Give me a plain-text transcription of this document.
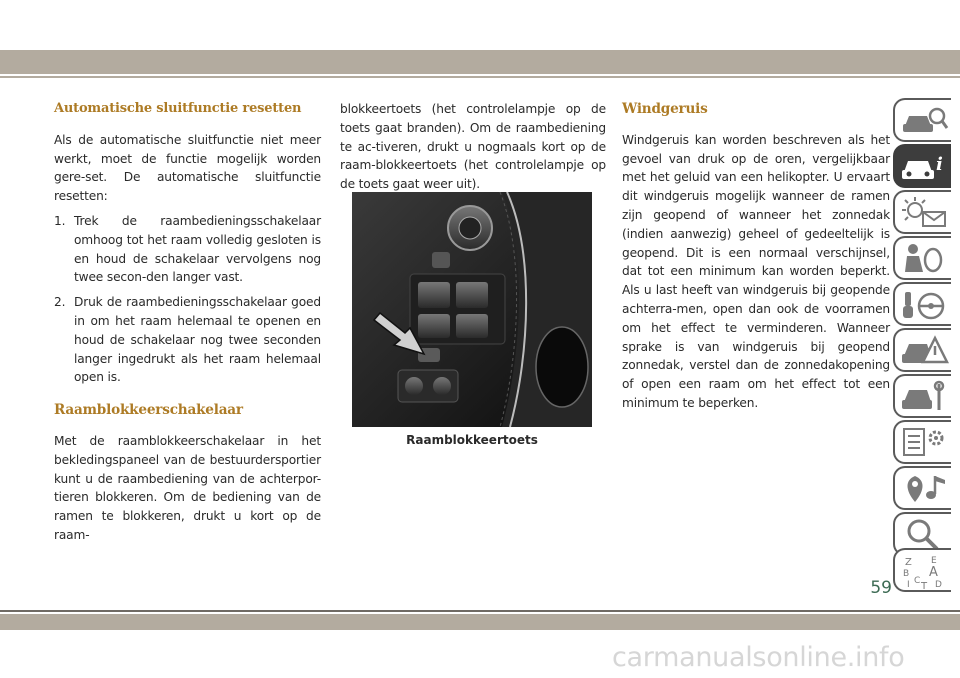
Automatische sluitfunctie resetten

Als de automatische sluitfunctie niet meer werkt, moet de functie mogelijk worden gere-set. De automatische sluitfunctie resetten:

1. Trek de raambedieningsschakelaar omhoog tot het raam volledig gesloten is en houd de schakelaar vervolgens nog twee secon-den langer vast.
2. Druk de raambedieningsschakelaar goed in om het raam helemaal te openen en houd de schakelaar nog twee seconden langer ingedrukt als het raam helemaal open is.
Raamblokkeerschakelaar

Met de raamblokkeerschakelaar in het bekledingspaneel van de bestuurdersportier kunt u de raambediening van de achterpor-tieren blokkeren. Om de bediening van de ramen te blokkeren, drukt u kort op de raam-

blokkeertoets (het controlelampje op de toets gaat branden). Om de raambediening te ac-tiveren, drukt u nogmaals kort op de raam-blokkeertoets (het controlelampje op de toets gaat weer uit).

Raamblokkeertoets
Windgeruis

Windgeruis kan worden beschreven als het gevoel van druk op de oren, vergelijkbaar met het geluid van een helikopter. U ervaart dit windgeruis mogelijk wanneer de ramen zijn geopend of wanneer het zonnedak (indien aanwezig) geheel of gedeeltelijk is geopend. Dit is een normaal verschijnsel, dat tot een minimum kan worden beperkt. Als u last heeft van windgeruis bij geopende achterra-men, open dan ook de voorramen om het effect te verminderen. Wanneer sprake is van windgeruis bij geopend zonnedak, verstel dan de zonnedakopening of open een raam om het effect tot een minimum te beperken.

i
Z E
B A
I C T D
59
carmanualsonline.info
